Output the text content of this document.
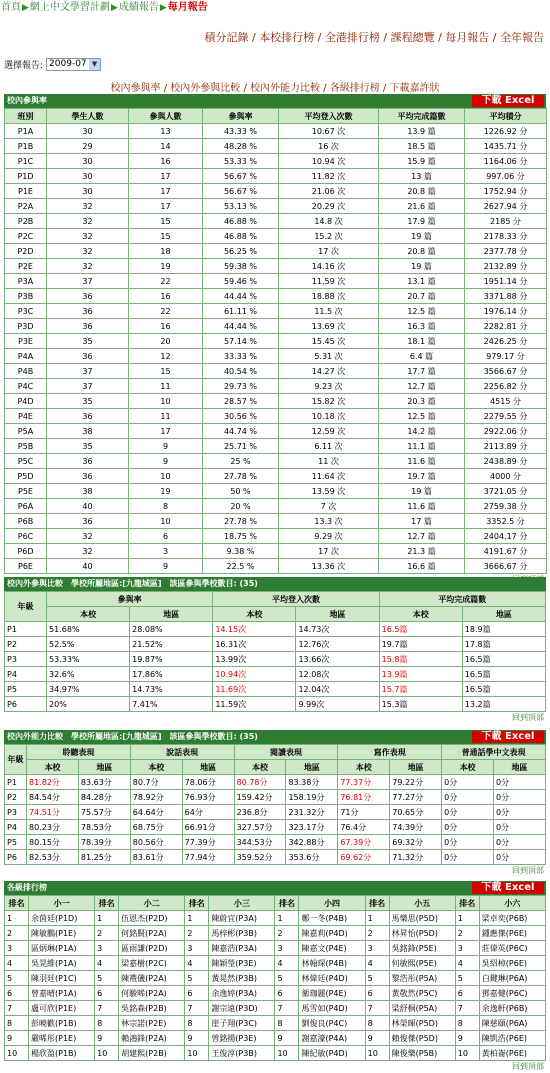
首頁▶網上中文學習計劃▶成績報告▶每月報告
積分記錄 / 本校排行榜 / 全港排行榜 / 課程總覽 / 每月報告 / 全年報告
選擇報告: 2009-07 ▼
校內參與率 / 校內外參與比較 / 校內外能力比較 / 各級排行榜 / 下載嘉許狀
校內參與率	下載 Excel
班別	學生人數	參與人數	參與率	平均登入次數	平均完成篇數	平均積分
P1A	30	13	43.33 %	10.67 次	13.9 篇	1226.92 分
P1B	29	14	48.28 %	16 次	18.5 篇	1435.71 分
P1C	30	16	53.33 %	10.94 次	15.9 篇	1164.06 分
P1D	30	17	56.67 %	11.82 次	13 篇	997.06 分
P1E	30	17	56.67 %	21.06 次	20.8 篇	1752.94 分
P2A	32	17	53.13 %	20.29 次	21.6 篇	2627.94 分
P2B	32	15	46.88 %	14.8 次	17.9 篇	2185 分
P2C	32	15	46.88 %	15.2 次	19 篇	2178.33 分
P2D	32	18	56.25 %	17 次	20.8 篇	2377.78 分
P2E	32	19	59.38 %	14.16 次	19 篇	2132.89 分
P3A	37	22	59.46 %	11.59 次	13.1 篇	1951.14 分
P3B	36	16	44.44 %	18.88 次	20.7 篇	3371.88 分
P3C	36	22	61.11 %	11.5 次	12.5 篇	1976.14 分
P3D	36	16	44.44 %	13.69 次	16.3 篇	2282.81 分
P3E	35	20	57.14 %	15.45 次	18.1 篇	2426.25 分
P4A	36	12	33.33 %	5.31 次	6.4 篇	979.17 分
P4B	37	15	40.54 %	14.27 次	17.7 篇	3566.67 分
P4C	37	11	29.73 %	9.23 次	12.7 篇	2256.82 分
P4D	35	10	28.57 %	15.82 次	20.3 篇	4515 分
P4E	36	11	30.56 %	10.18 次	12.5 篇	2279.55 分
P5A	38	17	44.74 %	12.59 次	14.2 篇	2922.06 分
P5B	35	9	25.71 %	6.11 次	11.1 篇	2113.89 分
P5C	36	9	25 %	11 次	11.6 篇	2438.89 分
P5D	36	10	27.78 %	11.64 次	19.7 篇	4000 分
P5E	38	19	50 %	13.59 次	19 篇	3721.05 分
P6A	40	8	20 %	7 次	11.6 篇	2759.38 分
P6B	36	10	27.78 %	13.3 次	17 篇	3352.5 分
P6C	32	6	18.75 %	9.29 次	12.7 篇	2404.17 分
P6D	32	3	9.38 %	17 次	21.3 篇	4191.67 分
P6E	40	9	22.5 %	13.36 次	16.6 篇	3666.67 分
校內外參與比較　學校所屬地區:[九龍城區]　該區參與學校數目: (35)
年級	參與率		平均登入次數		平均完成篇數	
	本校	地區	本校	地區	本校	地區
P1	51.68%	28.08%	14.15次	14.73次	16.5篇	18.9篇
P2	52.5%	21.52%	16.31次	12.76次	19.7篇	17.8篇
P3	53.33%	19.87%	13.99次	13.66次	15.8篇	16.5篇
P4	32.6%	17.86%	10.94次	12.08次	13.9篇	16.5篇
P5	34.97%	14.73%	11.69次	12.04次	15.7篇	16.5篇
P6	20%	7.41%	11.59次	9.99次	15.3篇	13.2篇
回到頂部
校內外能力比較　學校所屬地區:[九龍城區]　該區參與學校數目: (35)	下載 Excel
年級	聆聽表現		說話表現		閱讀表現		寫作表現		普通話學中文表現	
	本校	地區	本校	地區	本校	地區	本校	地區	本校	地區
P1	81.82分	83.63分	80.7分	78.06分	80.78分	83.38分	77.37分	79.22分	0分	0分
P2	84.54分	84.28分	78.92分	76.93分	159.42分	158.19分	76.81分	77.27分	0分	0分
P3	74.51分	75.57分	64.64分	64分	236.8分	231.32分	71分	70.65分	0分	0分
P4	80.23分	78.53分	68.75分	66.91分	327.57分	323.17分	76.4分	74.39分	0分	0分
P5	80.15分	78.39分	80.56分	77.39分	344.53分	342.88分	67.39分	69.32分	0分	0分
P6	82.53分	81.25分	83.61分	77.94分	359.52分	353.6分	69.62分	71.32分	0分	0分
回到頂部
各級排行榜	下載 Excel
排名	小一	排名	小二	排名	小三	排名	小四	排名	小五	排名	小六
1	余茵廷(P1D)	1	伍恩杰(P2D)	1	陳蔚宜(P3A)	1	鄭一冬(P4B)	1	馬樂思(P5D)	1	梁卓奕(P6B)
2	陳敏鵬(P1E)	2	何銘賢(P2A)	2	馬梓彬(P3B)	2	陳嘉莉(P4D)	2	林昇怡(P5D)	2	鍾應傑(P6E)
3	區炳琳(P1A)	3	區雨謙(P2D)	3	陳嘉浩(P3A)	3	陳嘉文(P4E)	3	吳銘鋒(P5E)	3	莊偉英(P6C)
4	吳晃維(P1A)	4	梁嘉樹(P2C)	4	陳穎瑩(P3E)	4	林翰琛(P4B)	4	何敏熙(P5E)	4	吳紹棹(P6E)
5	陳羽廷(P1C)	5	陳禮儀(P2A)	5	黃晃然(P3B)	5	林偉廷(P4D)	5	黎浩彤(P5A)	5	白鍵琳(P6A)
6	曾嘉晴(P1A)	6	何駿晞(P2A)	6	余逸婷(P3A)	6	衛珈麗(P4E)	6	黃敬然(P5C)	6	鄧嘉健(P6C)
7	盧可欣(P1E)	7	吳銘森(P2B)	7	謝宗遠(P3D)	7	馬雪如(P4D)	7	梁舒桐(P5A)	7	余逸軒(P6B)
8	彭曉歡(P1B)	8	林宗諾(P2E)	8	崖子翔(P3C)	8	劉俊良(P4C)	8	林榮暉(P5D)	8	陳慈頤(P6A)
9	嚴晞彤(P1E)	9	賴鴻鋒(P2A)	9	曾銘揚(P3E)	9	謝嘉濠(P4A)	9	賴俊傑(P5D)	9	陳凱浩(P6E)
10	楊欣盈(P1B)	10	胡建熙(P2B)	10	王俊淳(P3B)	10	陳紀敏(P4D)	10	陳俊樂(P5B)	10	黃柏崙(P6E)
回到頂部
